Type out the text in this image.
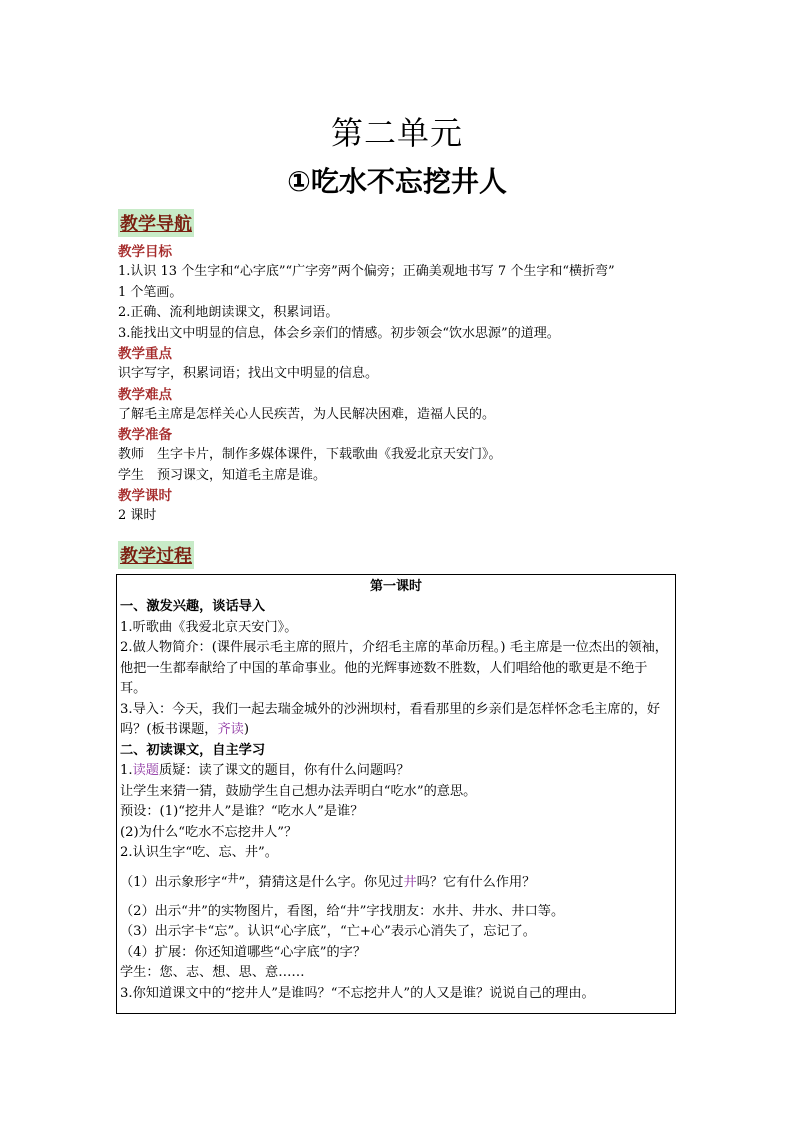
第二单元
①吃水不忘挖井人
教学导航
教学目标
1.认识 13 个生字和“心字底”“广字旁”两个偏旁；正确美观地书写 7 个生字和“横折弯”
1 个笔画。
2.正确、流利地朗读课文，积累词语。
3.能找出文中明显的信息，体会乡亲们的情感。初步领会“饮水思源”的道理。
教学重点
识字写字，积累词语；找出文中明显的信息。
教学难点
了解毛主席是怎样关心人民疾苦，为人民解决困难，造福人民的。
教学准备
教师　生字卡片，制作多媒体课件，下载歌曲《我爱北京天安门》。
学生　预习课文，知道毛主席是谁。
教学课时
2 课时
教学过程
第一课时
一、激发兴趣，谈话导入
1.听歌曲《我爱北京天安门》。
2.做人物简介：(课件展示毛主席的照片，介绍毛主席的革命历程。) 毛主席是一位杰出的领袖，他把一生都奉献给了中国的革命事业。他的光辉事迹数不胜数，人们唱给他的歌更是不绝于耳。
3.导入：今天，我们一起去瑞金城外的沙洲坝村，看看那里的乡亲们是怎样怀念毛主席的，好吗？(板书课题，齐读)
二、初读课文，自主学习
1.读题质疑：读了课文的题目，你有什么问题吗？
让学生来猜一猜，鼓励学生自己想办法弄明白“吃水”的意思。
预设：(1)“挖井人”是谁？“吃水人”是谁？
(2)为什么“吃水不忘挖井人”？
2.认识生字“吃、忘、井”。
（1）出示象形字“$^井$”，猜猜这是什么字。你见过井吗？它有什么作用？
（2）出示“井”的实物图片，看图，给“井”字找朋友：水井、井水、井口等。
（3）出示字卡“忘”。认识“心字底”，“亡+心”表示心消失了，忘记了。
（4）扩展：你还知道哪些“心字底”的字？
学生：您、志、想、思、意……
3.你知道课文中的“挖井人”是谁吗？“不忘挖井人”的人又是谁？说说自己的理由。
